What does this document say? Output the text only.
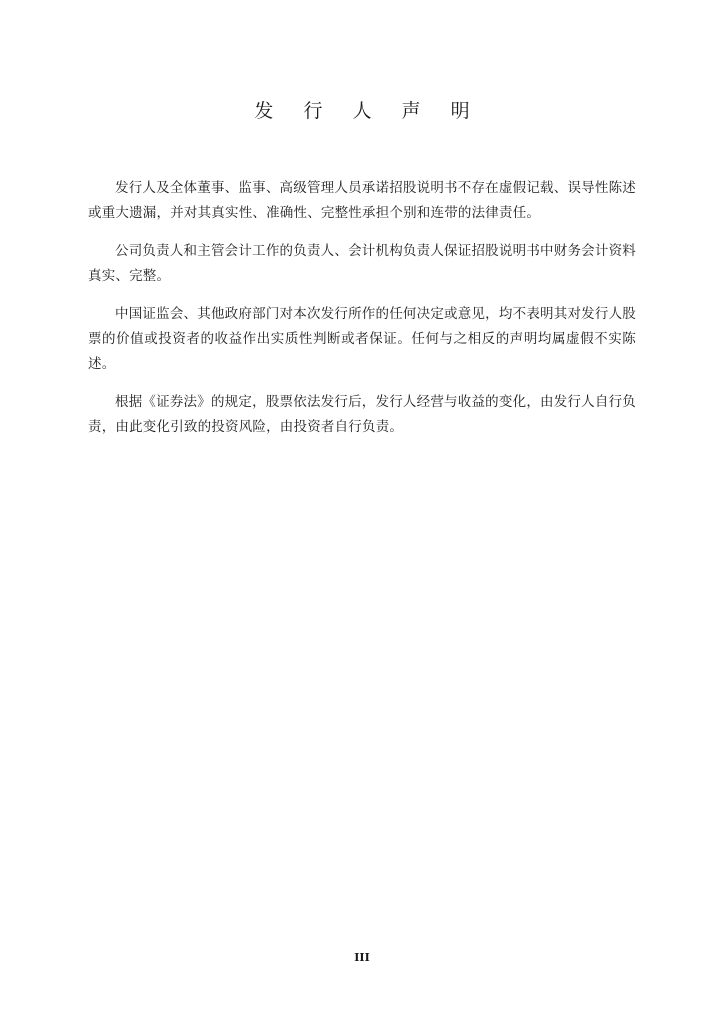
发 行 人 声 明

发行人及全体董事、监事、高级管理人员承诺招股说明书不存在虚假记载、误导性陈述或重大遗漏，并对其真实性、准确性、完整性承担个别和连带的法律责任。

公司负责人和主管会计工作的负责人、会计机构负责人保证招股说明书中财务会计资料真实、完整。

中国证监会、其他政府部门对本次发行所作的任何决定或意见，均不表明其对发行人股票的价值或投资者的收益作出实质性判断或者保证。任何与之相反的声明均属虚假不实陈述。

根据《证券法》的规定，股票依法发行后，发行人经营与收益的变化，由发行人自行负责，由此变化引致的投资风险，由投资者自行负责。

III
